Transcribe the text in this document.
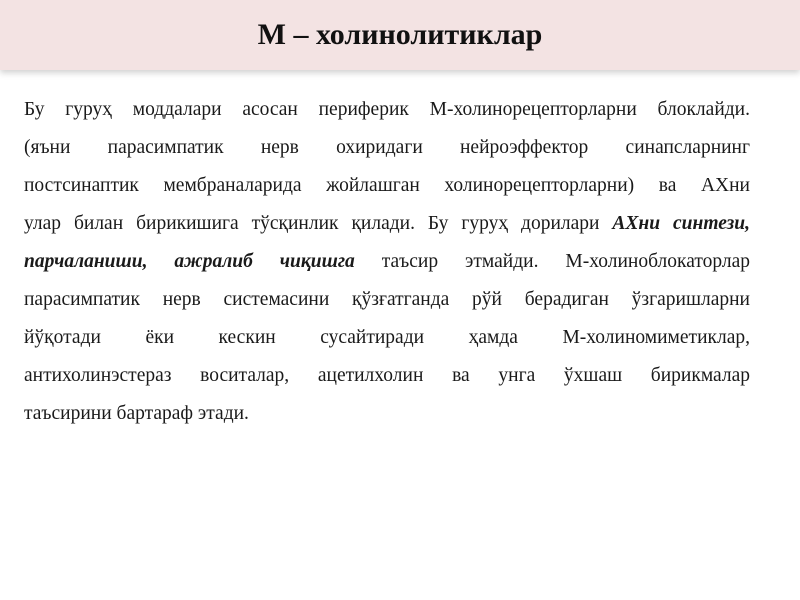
М – холинолитиклар
Бу гуруҳ моддалари асосан периферик М-холинорецепторларни блоклайди.
(яъни парасимпатик нерв охиридаги нейроэффектор синапсларнинг
постсинаптик мембраналарида жойлашган холинорецепторларни) ва АХни
улар билан бирикишига тўсқинлик қилади. Бу гуруҳ дорилари АХни синтези,
парчаланиши, ажралиб чиқишга таъсир этмайди. М-холиноблокаторлар
парасимпатик нерв системасини қўзғатганда рўй берадиган ўзгаришларни
йўқотади ёки кескин сусайтиради ҳамда М-холиномиметиклар,
антихолинэстераз воситалар, ацетилхолин ва унга ўхшаш бирикмалар
таъсирини бартараф этади.
